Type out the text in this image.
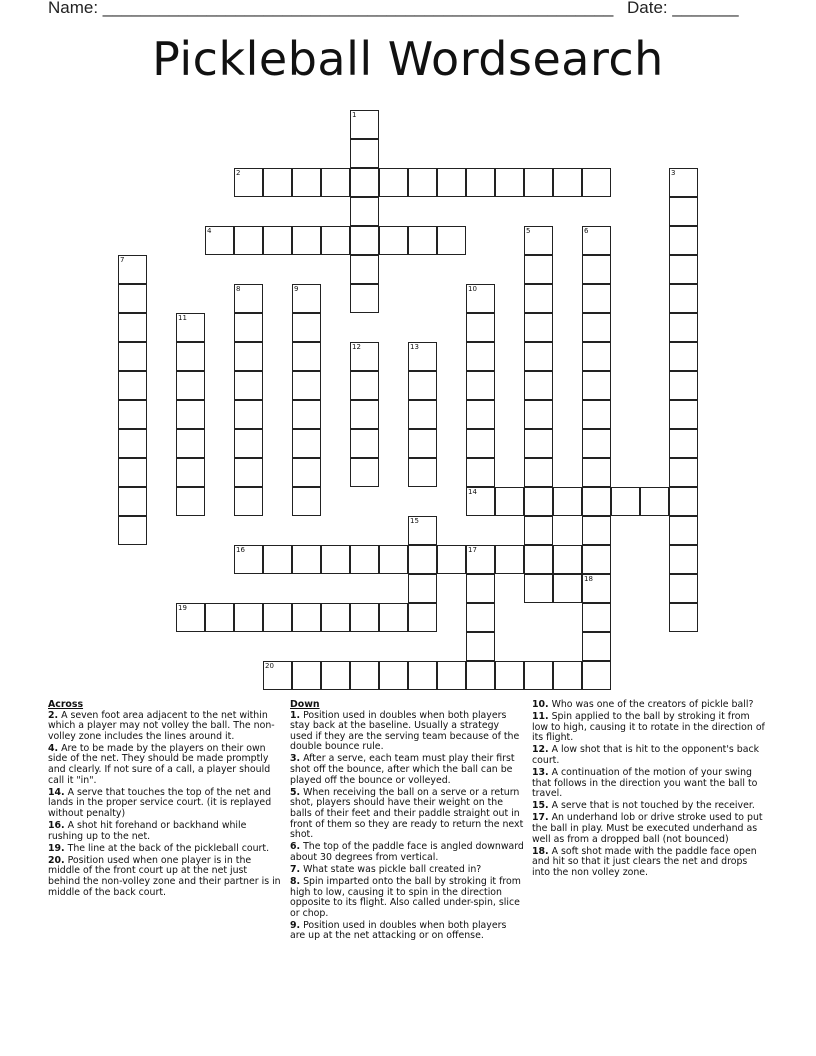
Name: ______________________________________________________ Date: _______
Pickleball Wordsearch
1
2	3
4	5	6
18
7
8	9	10
14
11
12	13
15
16	17
19
20
Across
2. A seven foot area adjacent to the net within which a player may not volley the ball. The non-volley zone includes the lines around it.
4. Are to be made by the players on their own side of the net. They should be made promptly and clearly. If not sure of a call, a player should call it "in".
14. A serve that touches the top of the net and lands in the proper service court. (it is replayed without penalty)
16. A shot hit forehand or backhand while rushing up to the net.
19. The line at the back of the pickleball court.
20. Position used when one player is in the middle of the front court up at the net just behind the non-volley zone and their partner is in middle of the back court.
Down
1. Position used in doubles when both players stay back at the baseline. Usually a strategy used if they are the serving team because of the double bounce rule.
3. After a serve, each team must play their first shot off the bounce, after which the ball can be played off the bounce or volleyed.
5. When receiving the ball on a serve or a return shot, players should have their weight on the balls of their feet and their paddle straight out in front of them so they are ready to return the next shot.
6. The top of the paddle face is angled downward about 30 degrees from vertical.
7. What state was pickle ball created in?
8. Spin imparted onto the ball by stroking it from high to low, causing it to spin in the direction opposite to its flight. Also called under-spin, slice or chop.
9. Position used in doubles when both players are up at the net attacking or on offense.
10. Who was one of the creators of pickle ball?
11. Spin applied to the ball by stroking it from low to high, causing it to rotate in the direction of its flight.
12. A low shot that is hit to the opponent's back court.
13. A continuation of the motion of your swing that follows in the direction you want the ball to travel.
15. A serve that is not touched by the receiver.
17. An underhand lob or drive stroke used to put the ball in play. Must be executed underhand as well as from a dropped ball (not bounced)
18. A soft shot made with the paddle face open and hit so that it just clears the net and drops into the non volley zone.
